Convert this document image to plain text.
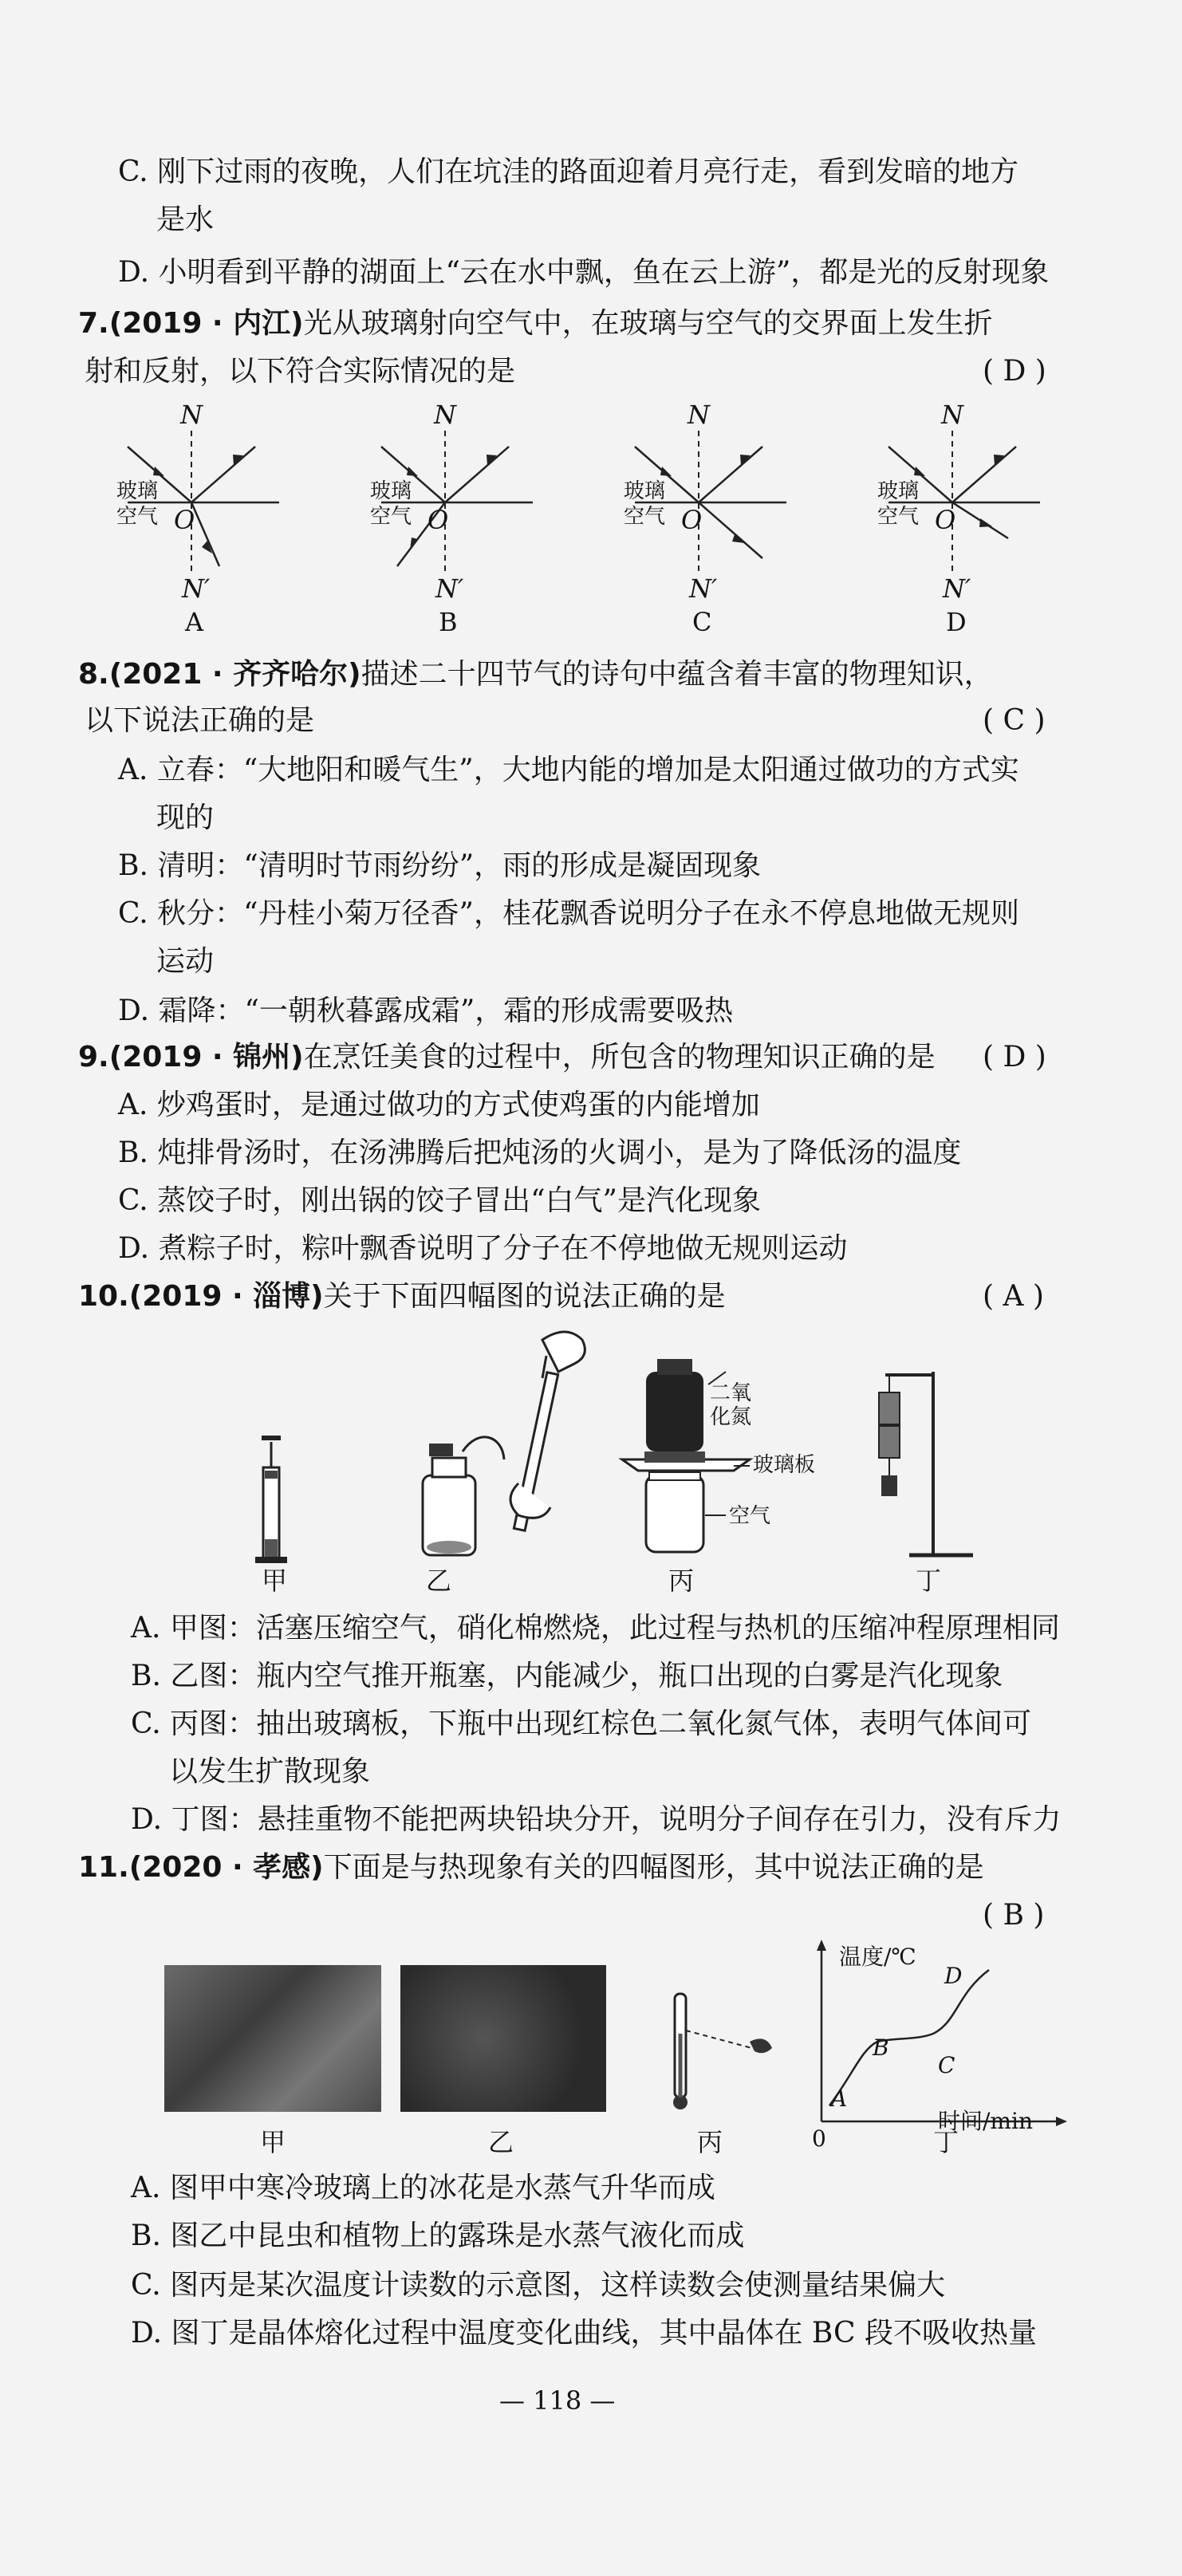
C. 刚下过雨的夜晚，人们在坑洼的路面迎着月亮行走，看到发暗的地方
是水
D. 小明看到平静的湖面上“云在水中飘，鱼在云上游”，都是光的反射现象
7.(2019 · 内江)光从玻璃射向空气中，在玻璃与空气的交界面上发生折
射和反射，以下符合实际情况的是	( D )
N
玻璃
空气 O
N′
A
N
玻璃
空气 O
N′
B
N
玻璃
空气 O
N′
C
N
玻璃
空气 O
N′
D
8.(2021 · 齐齐哈尔)描述二十四节气的诗句中蕴含着丰富的物理知识，
以下说法正确的是	( C )
A. 立春：“大地阳和暖气生”，大地内能的增加是太阳通过做功的方式实
现的
B. 清明：“清明时节雨纷纷”，雨的形成是凝固现象
C. 秋分：“丹桂小菊万径香”，桂花飘香说明分子在永不停息地做无规则
运动
D. 霜降：“一朝秋暮露成霜”，霜的形成需要吸热
9.(2019 · 锦州)在烹饪美食的过程中，所包含的物理知识正确的是 ( D )
A. 炒鸡蛋时，是通过做功的方式使鸡蛋的内能增加
B. 炖排骨汤时，在汤沸腾后把炖汤的火调小，是为了降低汤的温度
C. 蒸饺子时，刚出锅的饺子冒出“白气”是汽化现象
D. 煮粽子时，粽叶飘香说明了分子在不停地做无规则运动
10.(2019 · 淄博)关于下面四幅图的说法正确的是	( A )
二氧
化氮
玻璃板
空气
甲	乙	丙	丁
A. 甲图：活塞压缩空气，硝化棉燃烧，此过程与热机的压缩冲程原理相同
B. 乙图：瓶内空气推开瓶塞，内能减少，瓶口出现的白雾是汽化现象
C. 丙图：抽出玻璃板，下瓶中出现红棕色二氧化氮气体，表明气体间可
以发生扩散现象
D. 丁图：悬挂重物不能把两块铅块分开，说明分子间存在引力，没有斥力
11.(2020 · 孝感)下面是与热现象有关的四幅图形，其中说法正确的是
( B )
温度/℃
时间/min
0
A
B
C
D
甲	乙	丙	丁
A. 图甲中寒冷玻璃上的冰花是水蒸气升华而成
B. 图乙中昆虫和植物上的露珠是水蒸气液化而成
C. 图丙是某次温度计读数的示意图，这样读数会使测量结果偏大
D. 图丁是晶体熔化过程中温度变化曲线，其中晶体在 BC 段不吸收热量
— 118 —
